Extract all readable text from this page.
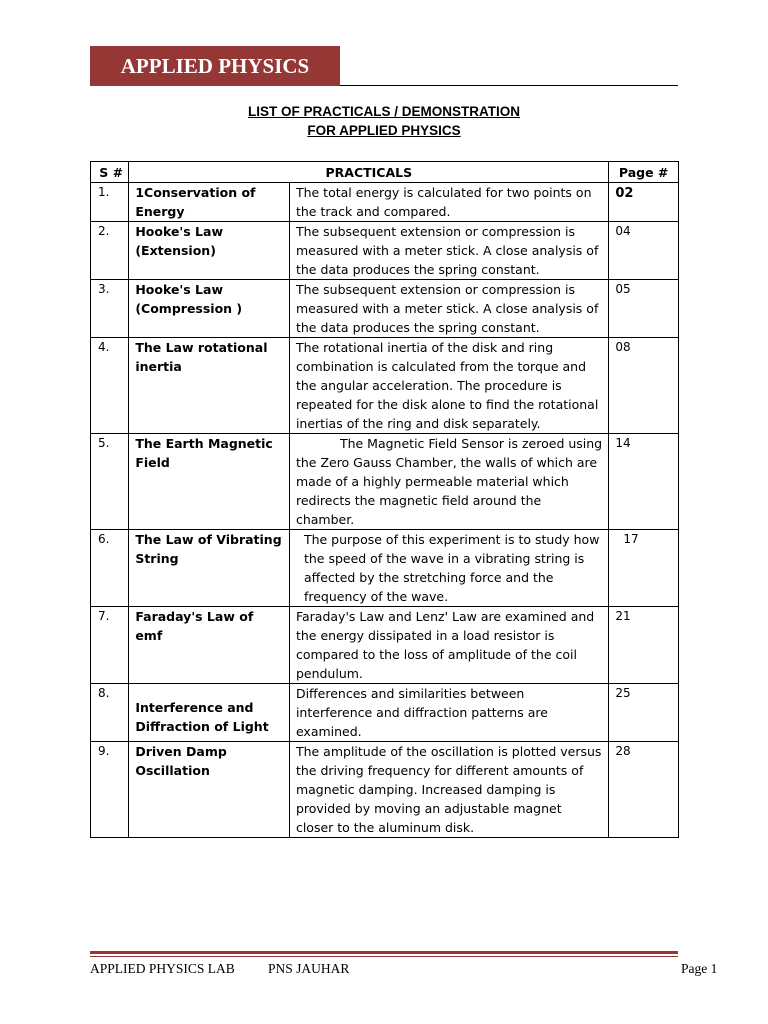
APPLIED PHYSICS
LIST OF PRACTICALS / DEMONSTRATION
FOR APPLIED PHYSICS
S #	PRACTICALS		Page #
1.	1Conservation of Energy	The total energy is calculated for two points on the track and compared.	02
2.	Hooke's Law (Extension)	The subsequent extension or compression is measured with a meter stick. A close analysis of the data produces the spring constant.	04
3.	Hooke's Law (Compression )	The subsequent extension or compression is measured with a meter stick. A close analysis of the data produces the spring constant.	05
4.	The Law rotational inertia	The rotational inertia of the disk and ring combination is calculated from the torque and the angular acceleration. The procedure is repeated for the disk alone to find the rotational inertias of the ring and disk separately.	08
5.	The Earth Magnetic Field	The Magnetic Field Sensor is zeroed using the Zero Gauss Chamber, the walls of which are made of a highly permeable material which redirects the magnetic field around the chamber.	14
6.	The Law of Vibrating String	The purpose of this experiment is to study how the speed of the wave in a vibrating string is affected by the stretching force and the frequency of the wave.	17
7.	Faraday's Law of emf	Faraday's Law and Lenz' Law are examined and the energy dissipated in a load resistor is compared to the loss of amplitude of the coil pendulum.	21
8.	Interference and Diffraction of Light	Differences and similarities between interference and diffraction patterns are examined.	25
9.	Driven Damp Oscillation	The amplitude of the oscillation is plotted versus the driving frequency for different amounts of magnetic damping. Increased damping is provided by moving an adjustable magnet closer to the aluminum disk.	28
APPLIED PHYSICS LAB PNS JAUHAR	Page 1
